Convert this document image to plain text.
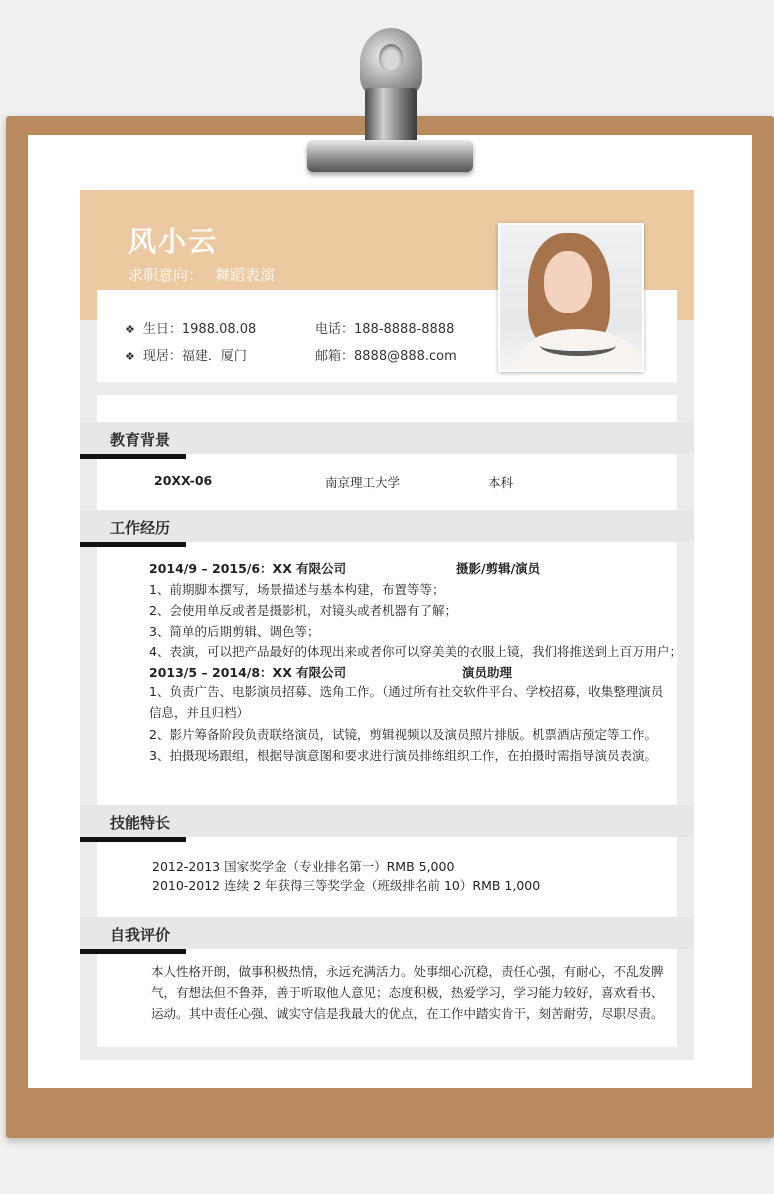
风小云
求职意向： 舞蹈表演
❖ 生日：1988.08.08	电话：188-8888-8888
❖ 现居：福建．厦门	邮箱：8888@888.com
教育背景
20XX-06	南京理工大学	本科
工作经历
2014/9 – 2015/6：XX 有限公司	摄影/剪辑/演员
1、前期脚本撰写，场景描述与基本构建，布置等等；
2、会使用单反或者是摄影机，对镜头或者机器有了解；
3、简单的后期剪辑、调色等；
4、表演，可以把产品最好的体现出来或者你可以穿美美的衣服上镜，我们将推送到上百万用户；
2013/5 – 2014/8：XX 有限公司	演员助理
1、负责广告、电影演员招募、选角工作。（通过所有社交软件平台、学校招募，收集整理演员信息，并且归档）
2、影片筹备阶段负责联络演员，试镜，剪辑视频以及演员照片排版。机票酒店预定等工作。
3、拍摄现场跟组，根据导演意图和要求进行演员排练组织工作，在拍摄时需指导演员表演。
技能特长
2012-2013 国家奖学金（专业排名第一）RMB 5,000
2010-2012 连续 2 年获得三等奖学金（班级排名前 10）RMB 1,000
自我评价
本人性格开朗，做事积极热情，永远充满活力。处事细心沉稳，责任心强，有耐心，不乱发脾气，有想法但不鲁莽，善于听取他人意见；态度积极，热爱学习，学习能力较好，喜欢看书、运动。其中责任心强、诚实守信是我最大的优点，在工作中踏实肯干，刻苦耐劳，尽职尽责。
